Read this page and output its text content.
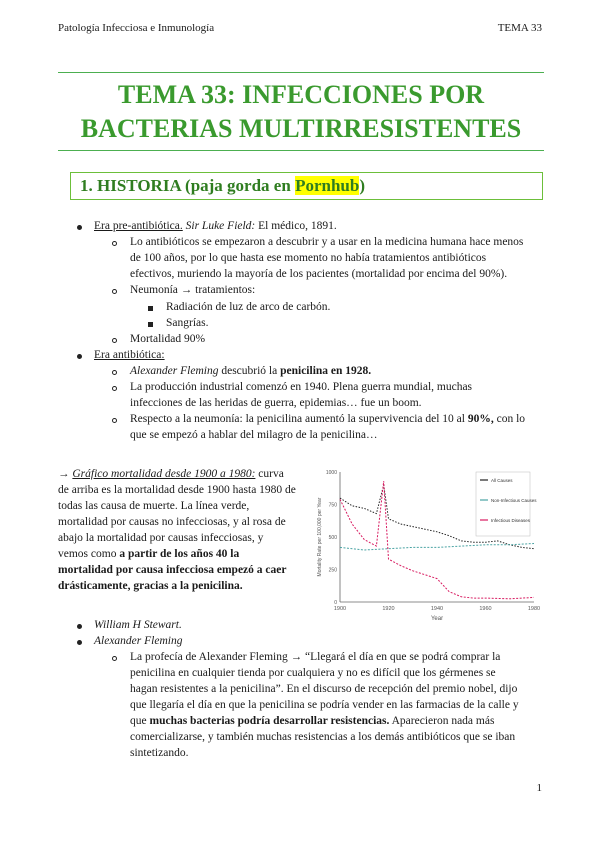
Patología Infecciosa e Inmunología	TEMA 33
TEMA 33: INFECCIONES POR
BACTERIAS MULTIRRESISTENTES
1. HISTORIA (paja gorda en Pornhub)
Era pre-antibiótica. Sir Luke Field: El médico, 1891.
Lo antibióticos se empezaron a descubrir y a usar en la medicina humana hace menos
de 100 años, por lo que hasta ese momento no había tratamientos antibióticos
efectivos, muriendo la mayoría de los pacientes (mortalidad por encima del 90%).
Neumonía → tratamientos:
Radiación de luz de arco de carbón.
Sangrías.
Mortalidad 90%
Era antibiótica:
Alexander Fleming descubrió la penicilina en 1928.
La producción industrial comenzó en 1940. Plena guerra mundial, muchas
infecciones de las heridas de guerra, epidemias… fue un boom.
Respecto a la neumonía: la penicilina aumentó la supervivencia del 10 al 90%, con lo
que se empezó a hablar del milagro de la penicilina…
→ Gráfico mortalidad desde 1900 a 1980: curva
de arriba es la mortalidad desde 1900 hasta 1980 de
todas las causa de muerte. La línea verde,
mortalidad por causas no infecciosas, y al rosa de
abajo la mortalidad por causas infecciosas, y
vemos como a partir de los años 40 la
mortalidad por causa infecciosa empezó a caer
drásticamente, gracias a la penicilina.
0
250
500
750
1000
1900	1920	1940	1960	1980
Year
Mortality Rate per 100,000 per Year
All Causes
Non-Infectious Causes
Infectious Diseases
William H Stewart.
Alexander Fleming
La profecía de Alexander Fleming → “Llegará el día en que se podrá comprar la
penicilina en cualquier tienda por cualquiera y no es difícil que los gérmenes se
hagan resistentes a la penicilina”. En el discurso de recepción del premio nobel, dijo
que llegaría el día en que la penicilina se podría vender en las farmacias de la calle y
que muchas bacterias podría desarrollar resistencias. Aparecieron nada más
comercializarse, y también muchas resistencias a los demás antibióticos que se iban
sintetizando.
1
